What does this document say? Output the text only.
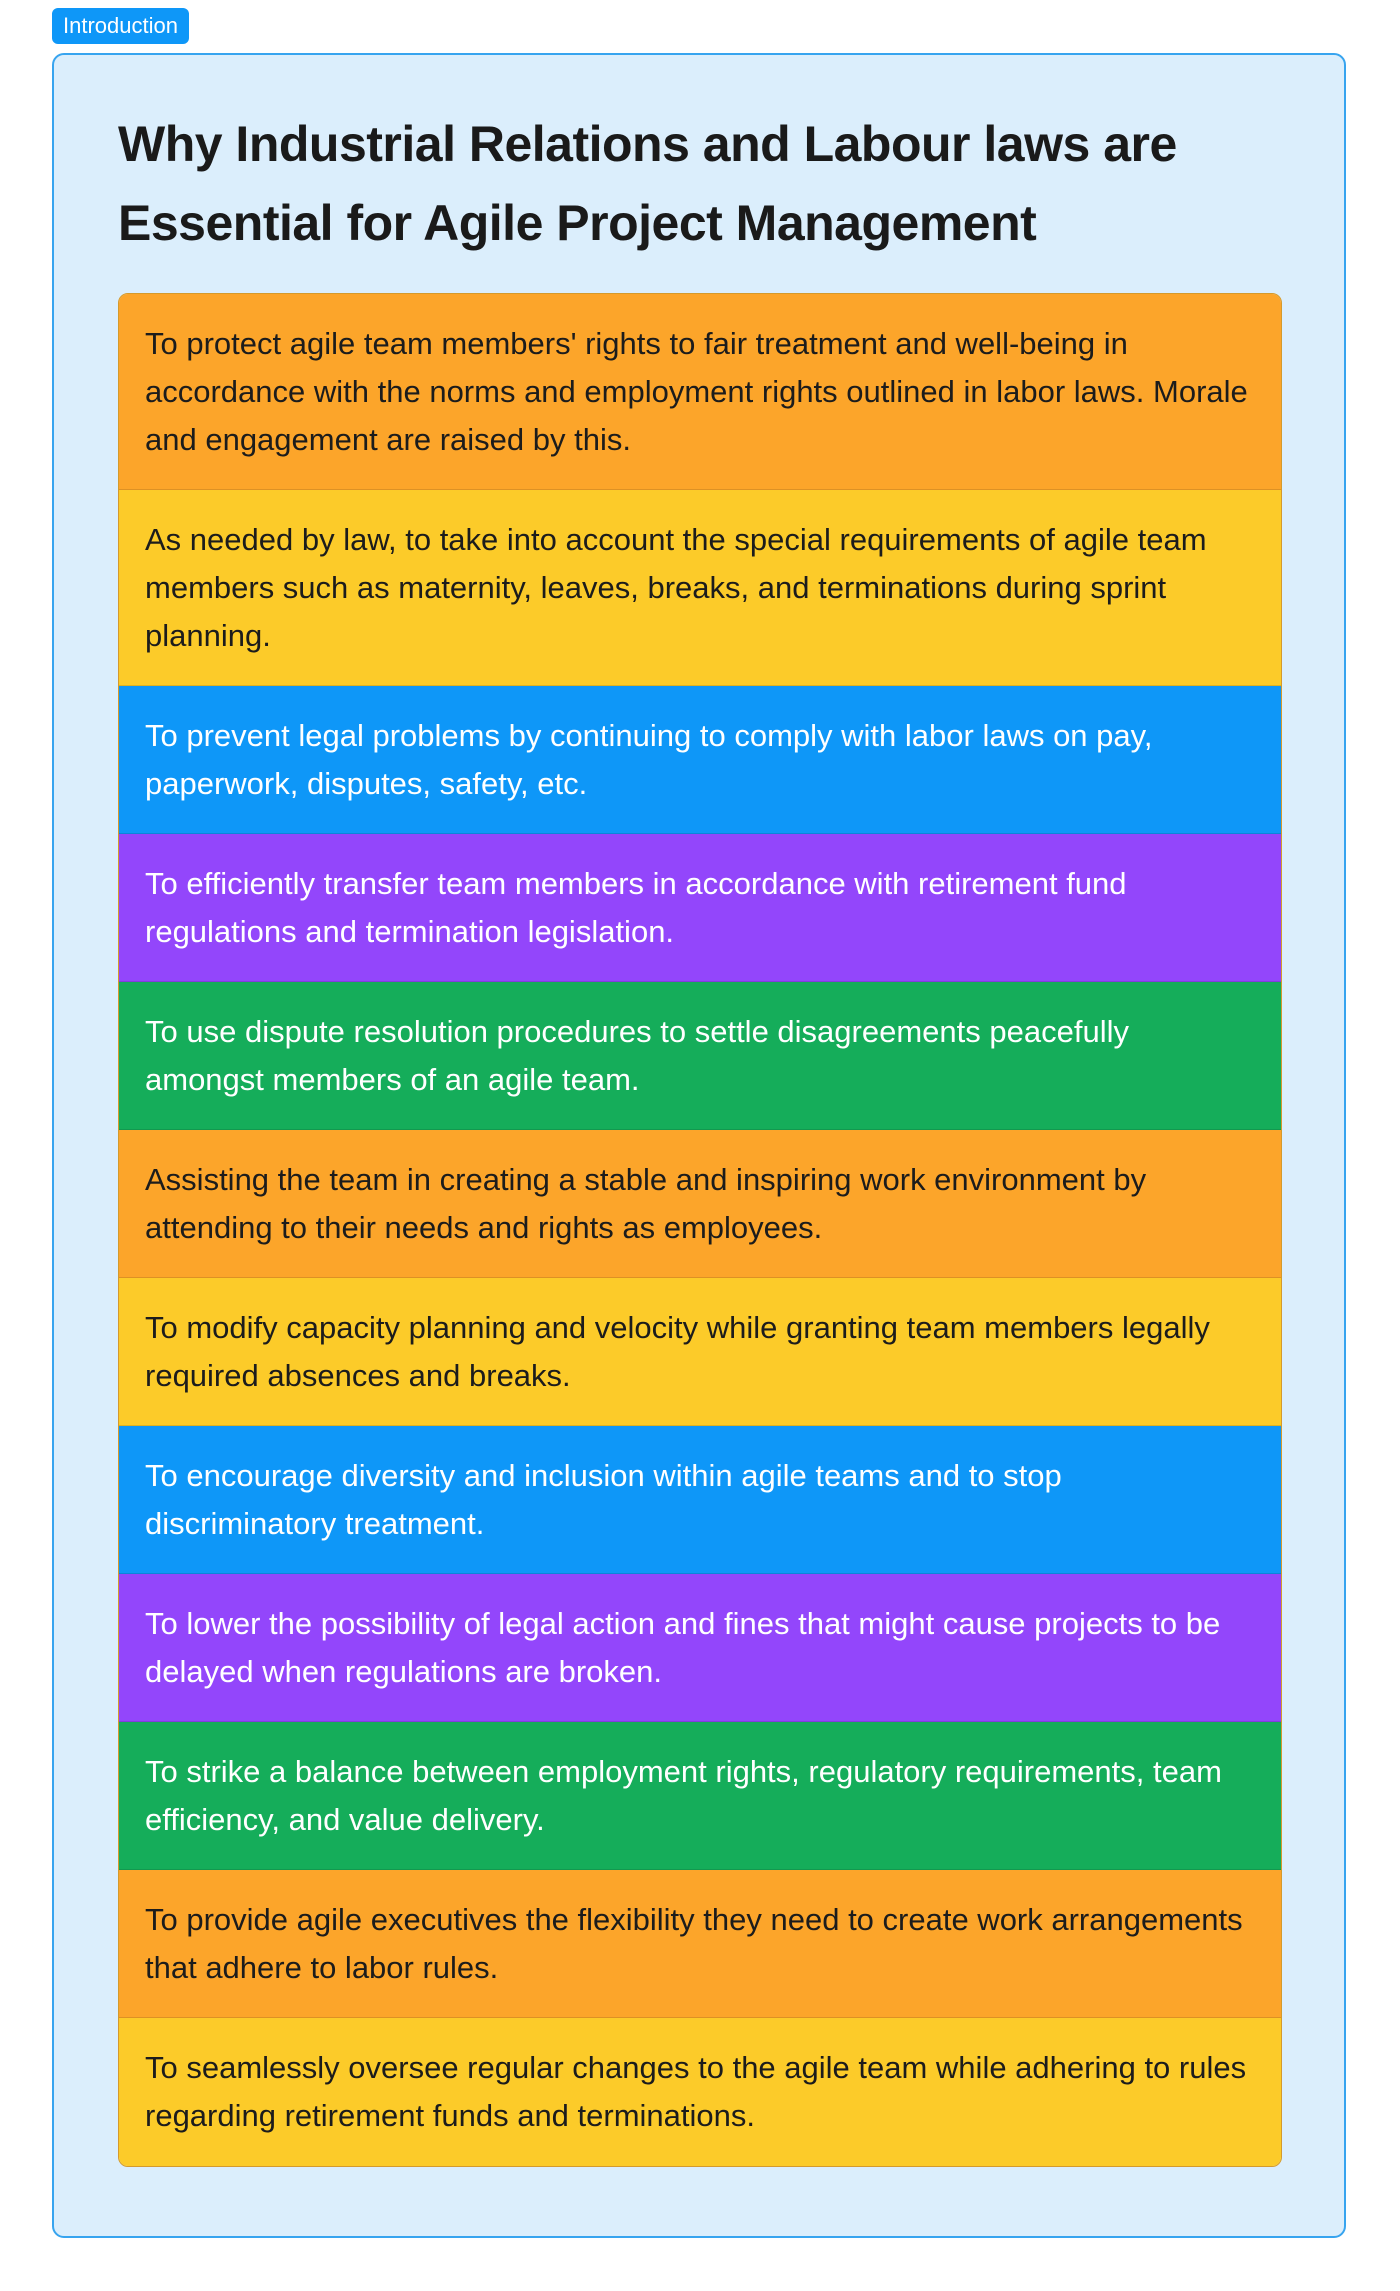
Introduction
Why Industrial Relations and Labour laws are Essential for Agile Project Management
To protect agile team members' rights to fair treatment and well-being in accordance with the norms and employment rights outlined in labor laws. Morale and engagement are raised by this.
As needed by law, to take into account the special requirements of agile team members such as maternity, leaves, breaks, and terminations during sprint planning.
To prevent legal problems by continuing to comply with labor laws on pay, paperwork, disputes, safety, etc.
To efficiently transfer team members in accordance with retirement fund regulations and termination legislation.
To use dispute resolution procedures to settle disagreements peacefully amongst members of an agile team.
Assisting the team in creating a stable and inspiring work environment by attending to their needs and rights as employees.
To modify capacity planning and velocity while granting team members legally required absences and breaks.
To encourage diversity and inclusion within agile teams and to stop discriminatory treatment.
To lower the possibility of legal action and fines that might cause projects to be delayed when regulations are broken.
To strike a balance between employment rights, regulatory requirements, team efficiency, and value delivery.
To provide agile executives the flexibility they need to create work arrangements that adhere to labor rules.
To seamlessly oversee regular changes to the agile team while adhering to rules regarding retirement funds and terminations.
